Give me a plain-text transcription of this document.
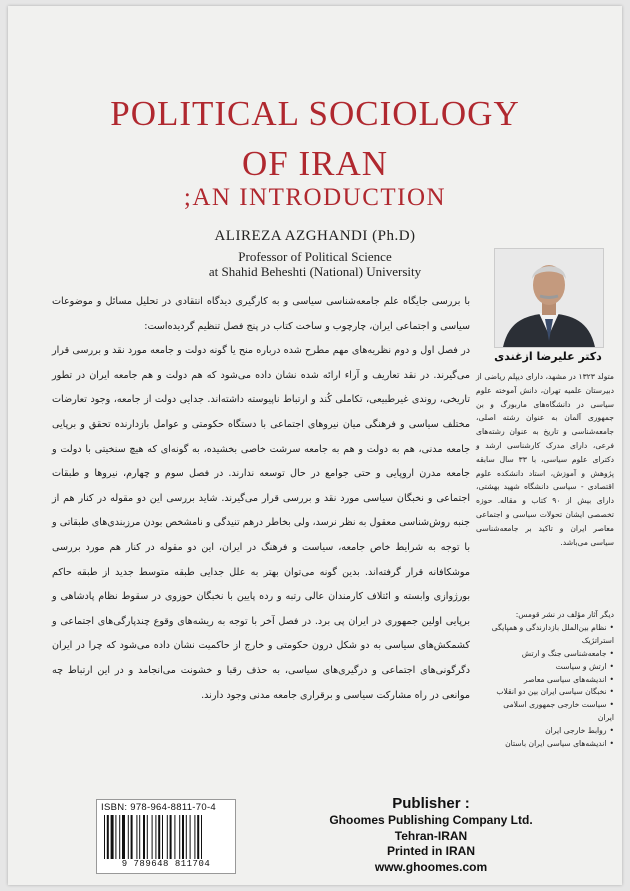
POLITICAL SOCIOLOGY
OF IRAN
;AN INTRODUCTION
ALIREZA AZGHANDI (Ph.D)
Professor of Political Science
at Shahid Beheshti (National) University
دکتر علیرضا ازغندی

متولد ۱۳۲۳ در مشهد، دارای دیپلم ریاضی از دبیرستان علمیه تهران، دانش آموخته علوم سیاسی در دانشگاه‌های ماربورگ و بن جمهوری آلمان به عنوان رشته اصلی، جامعه‌شناسی و تاریخ به عنوان رشته‌های فرعی، دارای مدرک کارشناسی ارشد و دکترای علوم سیاسی، با ۳۳ سال سابقه پژوهش و آموزش، استاد دانشکده علوم اقتصادی - سیاسی دانشگاه شهید بهشتی، دارای بیش از ۹۰ کتاب و مقاله. حوزه تخصصی ایشان تحولات سیاسی و اجتماعی معاصر ایران و تاکید بر جامعه‌شناسی سیاسی می‌باشد.

دیگر آثار مؤلف در نشر قومس:

• نظام بین‌الملل بازدارندگی و همپایگی استراتژیک
• جامعه‌شناسی جنگ و ارتش
• ارتش و سیاست
• اندیشه‌های سیاسی معاصر
• نخبگان سیاسی ایران بین دو انقلاب
• سیاست خارجی جمهوری اسلامی ایران
• روابط خارجی ایران
• اندیشه‌های سیاسی ایران باستان

با بررسی جایگاه علم جامعه‌شناسی سیاسی و به کارگیری دیدگاه انتقادی در تحلیل مسائل و موضوعات سیاسی و اجتماعی ایران، چارچوب و ساخت کتاب در پنج فصل تنظیم گردیده‌است:

در فصل اول و دوم نظریه‌های مهم مطرح شده درباره منح یا گونه دولت و جامعه مورد نقد و بررسی قرار می‌گیرند. در نقد تعاریف و آراء ارائه شده نشان داده می‌شود که هم دولت و هم جامعه ایران در تطور تاریخی، روندی غیرطبیعی، تکاملی کُند و ارتباط ناپیوسته داشته‌اند. جدایی دولت از جامعه، وجود تعارضات مختلف سیاسی و فرهنگی میان نیروهای اجتماعی با دستگاه حکومتی و عوامل بازدارنده تحقق و برپایی جامعه مدنی، هم به دولت و هم به جامعه سرشت خاصی بخشیده، به گونه‌ای که هیچ سنخیتی با دولت و جامعه مدرن اروپایی و حتی جوامع در حال توسعه ندارند. در فصل سوم و چهارم، نیروها و طبقات اجتماعی و نخبگان سیاسی مورد نقد و بررسی قرار می‌گیرند. شاید بررسی این دو مقوله در کنار هم از جنبه روش‌شناسی معقول به نظر نرسد، ولی بخاطر درهم تنیدگی و نامشخص بودن مرزبندی‌های طبقاتی و با توجه به شرایط خاص جامعه، سیاست و فرهنگ در ایران، این دو مقوله در کنار هم مورد بررسی موشکافانه قرار گرفته‌اند. بدین گونه می‌توان بهتر به علل جدایی طبقه متوسط جدید از طبقه حاکم بورژوازی وابسته و ائتلاف کارمندان عالی رتبه و رده پایین با نخبگان حوزوی در سقوط نظام پادشاهی و برپایی اولین جمهوری در ایران پی برد. در فصل آخر با توجه به ریشه‌های وقوع چندپارگی‌های اجتماعی و کشمکش‌های سیاسی به دو شکل درون حکومتی و خارج از حاکمیت نشان داده می‌شود که چرا در ایران دگرگونی‌های اجتماعی و درگیری‌های سیاسی، به حذف رقبا و خشونت می‌انجامد و در این ارتباط چه موانعی در راه مشارکت سیاسی و برقراری جامعه مدنی وجود دارند.

ISBN: 978-964-8811-70-4
9 789648 811704
Publisher :
Ghoomes Publishing Company Ltd.
Tehran-IRAN
Printed in IRAN
www.ghoomes.com
